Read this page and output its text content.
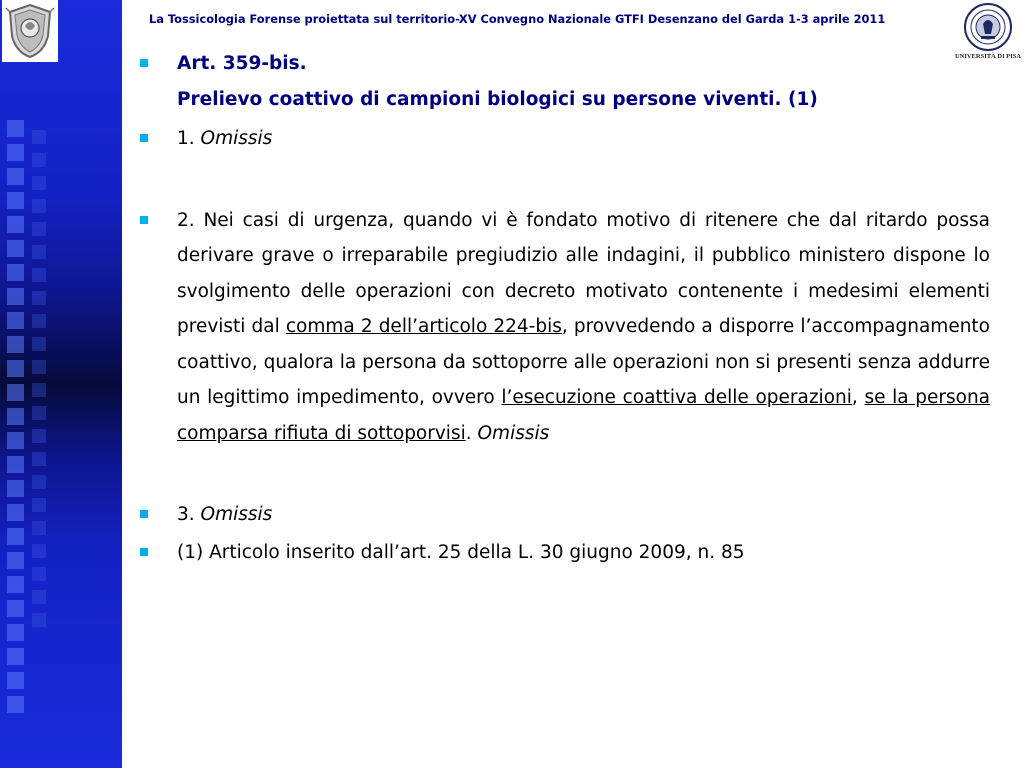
La Tossicologia Forense proiettata sul territorio-XV Convegno Nazionale GTFI Desenzano del Garda 1-3 aprile 2011
UNIVERSITÀ DI PISA
Art. 359-bis.
Prelievo coattivo di campioni biologici su persone viventi. (1)
1. Omissis
2. Nei casi di urgenza, quando vi è fondato motivo di ritenere che dal ritardo possa derivare grave o irreparabile pregiudizio alle indagini, il pubblico ministero dispone lo svolgimento delle operazioni con decreto motivato contenente i medesimi elementi previsti dal comma 2 dell’articolo 224-bis, provvedendo a disporre l’accompagnamento coattivo, qualora la persona da sottoporre alle operazioni non si presenti senza addurre un legittimo impedimento, ovvero l’esecuzione coattiva delle operazioni, se la persona comparsa rifiuta di sottoporvisi. Omissis
3. Omissis
(1) Articolo inserito dall’art. 25 della L. 30 giugno 2009, n. 85
